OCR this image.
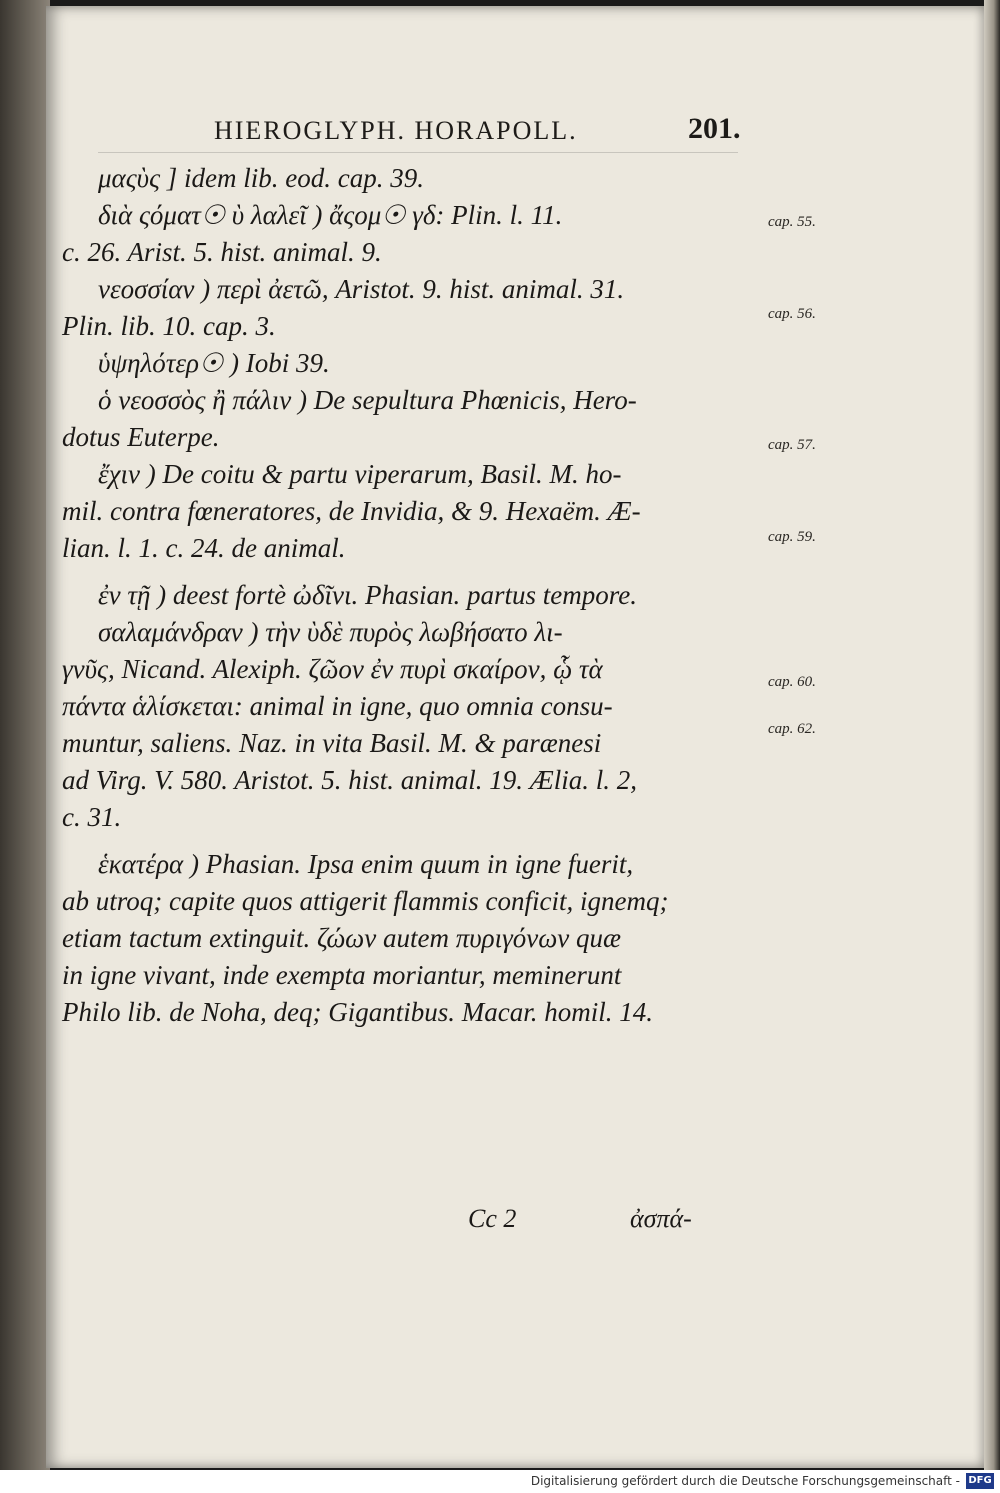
HIEROGLYPH. HORAPOLL.	201.
μαςὺς ] idem lib. eod. cap. 39.
διὰ ςόματ☉ ὺ λαλεῖ ) ἄςομ☉ γδ: Plin. l. 11.
c. 26. Arist. 5. hist. animal. 9.
νεοσσίαν ) περὶ ἀετῶ, Aristot. 9. hist. animal. 31.
Plin. lib. 10. cap. 3.
ὑψηλότερ☉ ) Iobi 39.
ὁ νεοσσὸς ἢ πάλιν ) De sepultura Phœnicis, Hero-
dotus Euterpe.
ἔχιν ) De coitu & partu viperarum, Basil. M. ho-
mil. contra fœneratores, de Invidia, & 9. Hexaëm. Æ-
lian. l. 1. c. 24. de animal.
ἐν τῇ ) deest fortè ὠδῖνι. Phasian. partus tempore.
σαλαμάνδραν ) τὴν ὺδὲ πυρὸς λωβήσατο λι-
γνῦς, Nicand. Alexiph. ζῶον ἐν πυρὶ σκαίρον, ᾧ τὰ
πάντα ἁλίσκεται: animal in igne, quo omnia consu-
muntur, saliens. Naz. in vita Basil. M. & parænesi
ad Virg. V. 580. Aristot. 5. hist. animal. 19. Ælia. l. 2,
c. 31.
ἑκατέρα ) Phasian. Ipsa enim quum in igne fuerit,
ab utroq; capite quos attigerit flammis conficit, ignemq;
etiam tactum extinguit. ζώων autem πυριγόνων quæ
in igne vivant, inde exempta moriantur, meminerunt
Philo lib. de Noha, deq; Gigantibus. Macar. homil. 14.
cap. 55.
cap. 56.
cap. 57.
cap. 59.
cap. 60.
cap. 62.
Cc 2	ἀσπά-
Digitalisierung gefördert durch die Deutsche Forschungsgemeinschaft - DFG
